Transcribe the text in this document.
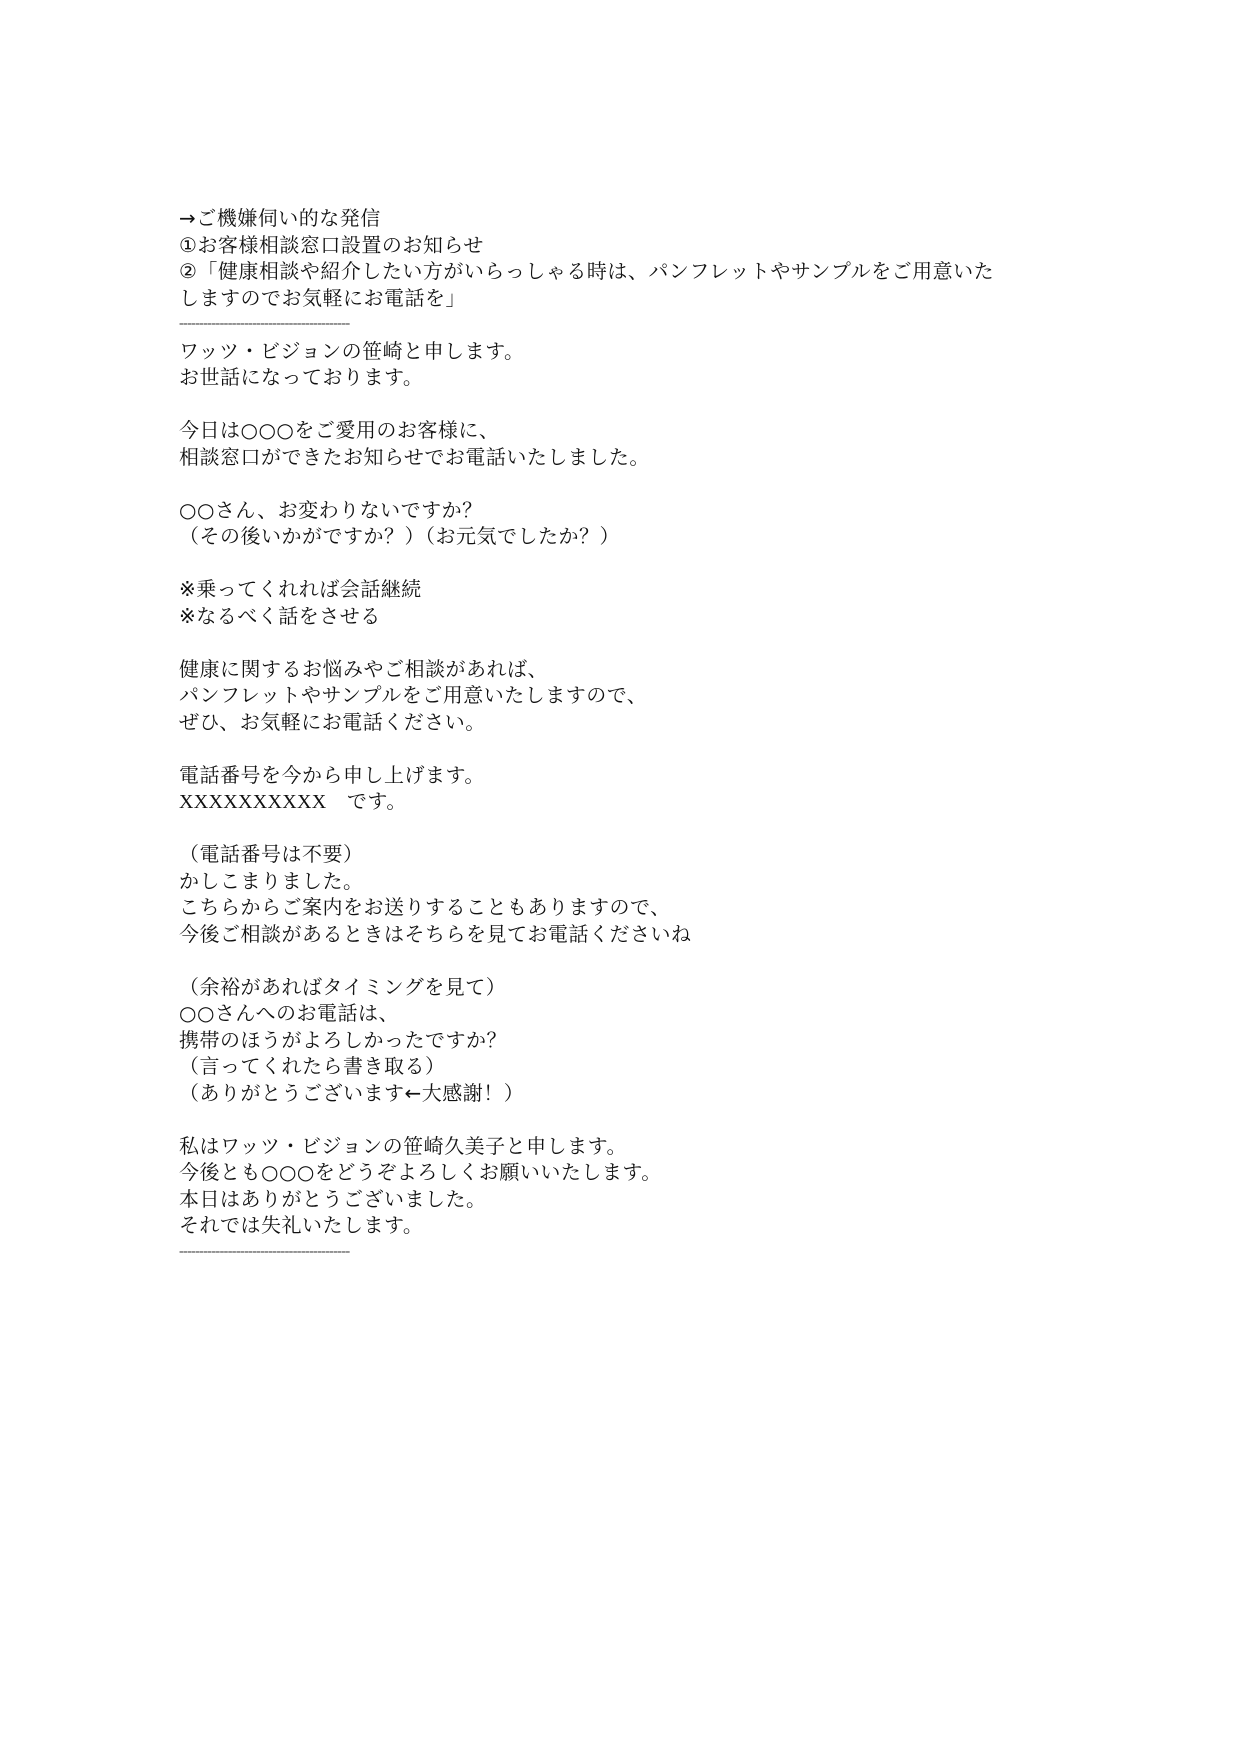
→ご機嫌伺い的な発信
①お客様相談窓口設置のお知らせ
②「健康相談や紹介したい方がいらっしゃる時は、パンフレットやサンプルをご用意いた
しますのでお気軽にお電話を」
------------------------------------------
ワッツ・ビジョンの笹崎と申します。
お世話になっております。
今日は○○○をご愛用のお客様に、
相談窓口ができたお知らせでお電話いたしました。
○○さん、お変わりないですか？
（その後いかがですか？）（お元気でしたか？）
※乗ってくれれば会話継続
※なるべく話をさせる
健康に関するお悩みやご相談があれば、
パンフレットやサンプルをご用意いたしますので、
ぜひ、お気軽にお電話ください。
電話番号を今から申し上げます。
XXXXXXXXXX　です。
（電話番号は不要）
かしこまりました。
こちらからご案内をお送りすることもありますので、
今後ご相談があるときはそちらを見てお電話くださいね
（余裕があればタイミングを見て）
○○さんへのお電話は、
携帯のほうがよろしかったですか？
（言ってくれたら書き取る）
（ありがとうございます←大感謝！）
私はワッツ・ビジョンの笹崎久美子と申します。
今後とも○○○をどうぞよろしくお願いいたします。
本日はありがとうございました。
それでは失礼いたします。
------------------------------------------
